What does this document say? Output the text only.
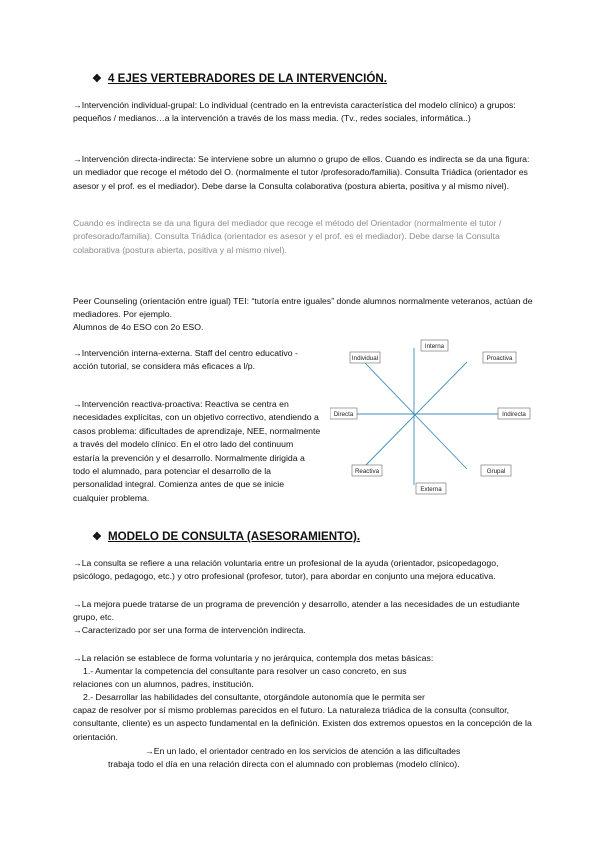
❖ 4 EJES VERTEBRADORES DE LA INTERVENCIÓN.

→Intervención individual-grupal: Lo individual (centrado en la entrevista característica del modelo clínico) a grupos: pequeños / medianos…a la intervención a través de los mass media. (Tv., redes sociales, informática..)

→Intervención directa-indirecta: Se interviene sobre un alumno o grupo de ellos. Cuando es indirecta se da una figura: un mediador que recoge el método del O. (normalmente el tutor /profesorado/familia). Consulta Triádica (orientador es asesor y el prof. es el mediador). Debe darse la Consulta colaborativa (postura abierta, positiva y al mismo nivel).

Cuando es indirecta se da una figura del mediador que recoge el método del Orientador (normalmente el tutor / profesorado/familia). Consulta Triádica (orientador es asesor y el prof. es el mediador). Debe darse la Consulta colaborativa (postura abierta, positiva y al mismo nivel).

Peer Counseling (orientación entre igual) TEI: “tutoría entre iguales” donde alumnos normalmente veteranos, actúan de mediadores. Por ejemplo.

Alumnos de 4o ESO con 2o ESO.

→Intervención interna-externa. Staff del centro educativo - acción tutorial, se considera más eficaces a l/p.

→Intervención reactiva-proactiva: Reactiva se centra en necesidades explícitas, con un objetivo correctivo, atendiendo a casos problema: dificultades de aprendizaje, NEE, normalmente a través del modelo clínico. En el otro lado del continuum estaría la prevención y el desarrollo. Normalmente dirigida a todo el alumnado, para potenciar el desarrollo de la personalidad integral. Comienza antes de que se inicie cualquier problema.

Interna
Individual	Proactiva
Directa	Indirecta
Reactiva	Grupal
Externa

❖ MODELO DE CONSULTA (ASESORAMIENTO).

→La consulta se refiere a una relación voluntaria entre un profesional de la ayuda (orientador, psicopedagogo, psicólogo, pedagogo, etc.) y otro profesional (profesor, tutor), para abordar en conjunto una mejora educativa.

→La mejora puede tratarse de un programa de prevención y desarrollo, atender a las necesidades de un estudiante grupo, etc.

→Caracterizado por ser una forma de intervención indirecta.

→La relación se establece de forma voluntaria y no jerárquica, contempla dos metas básicas:

1.- Aumentar la competencia del consultante para resolver un caso concreto, en sus

relaciones con un alumnos, padres, institución.

2.- Desarrollar las habilidades del consultante, otorgándole autonomía que le permita ser

capaz de resolver por sí mismo problemas parecidos en el futuro. La naturaleza triádica de la consulta (consultor, consultante, cliente) es un aspecto fundamental en la definición. Existen dos extremos opuestos en la concepción de la orientación.

→En un lado, el orientador centrado en los servicios de atención a las dificultades

trabaja todo el día en una relación directa con el alumnado con problemas (modelo clínico).
